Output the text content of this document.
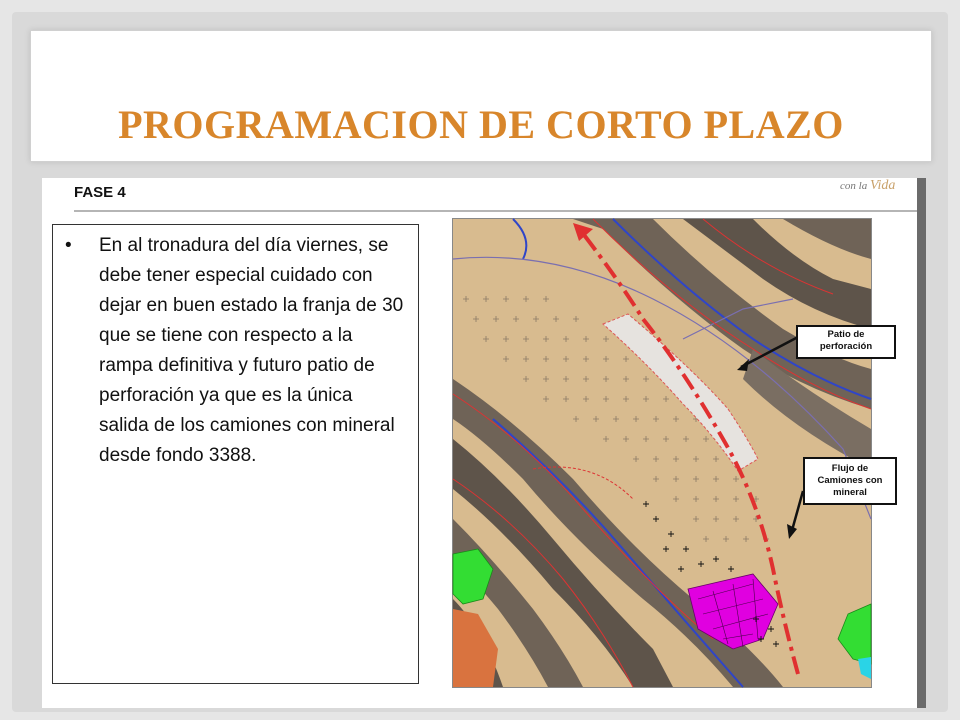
PROGRAMACION DE CORTO PLAZO
FASE 4	con la Vida
• En al tronadura del día viernes, se debe tener especial cuidado con dejar en buen estado la franja de 30 que se tiene con respecto a la rampa definitiva y futuro patio de perforación ya que es la única salida de los camiones con mineral desde fondo 3388.
Patio de perforación
Flujo de Camiones con mineral
